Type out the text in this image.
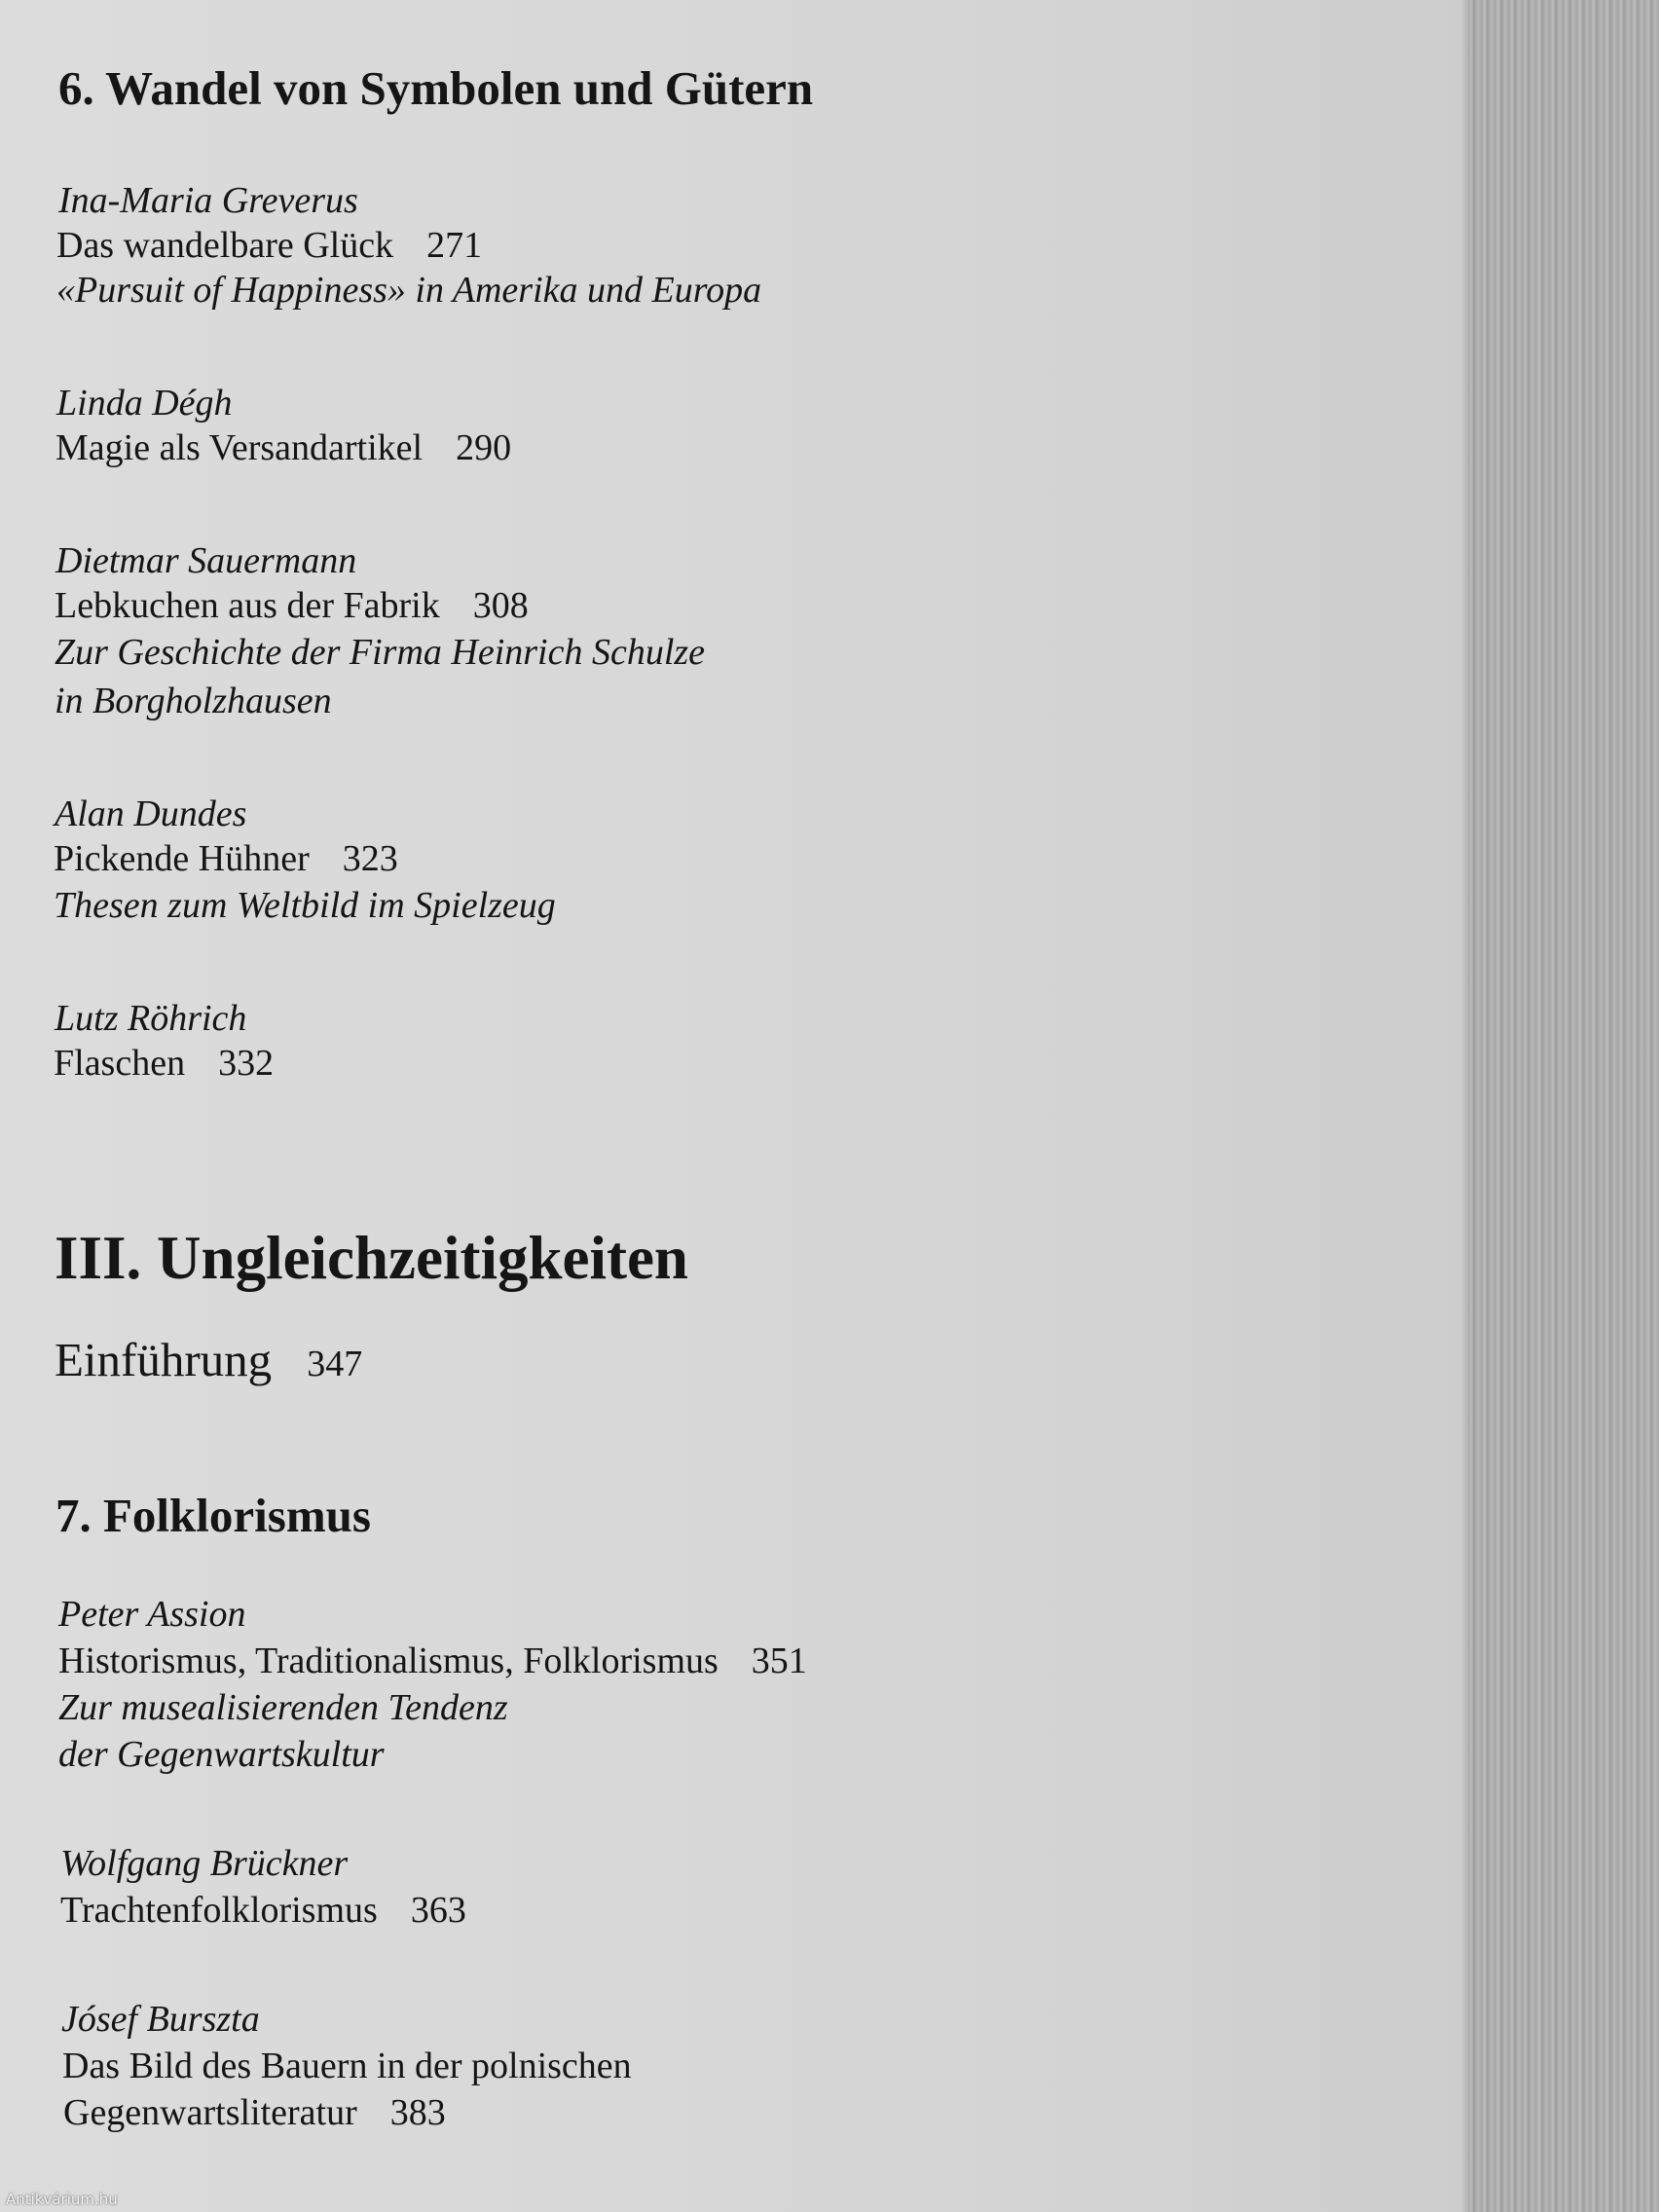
6. Wandel von Symbolen und Gütern
Ina-Maria Greverus
Das wandelbare Glück 271
«Pursuit of Happiness» in Amerika und Europa
Linda Dégh
Magie als Versandartikel 290
Dietmar Sauermann
Lebkuchen aus der Fabrik 308
Zur Geschichte der Firma Heinrich Schulze
in Borgholzhausen
Alan Dundes
Pickende Hühner 323
Thesen zum Weltbild im Spielzeug
Lutz Röhrich
Flaschen 332
III. Ungleichzeitigkeiten
Einführung 347
7. Folklorismus
Peter Assion
Historismus, Traditionalismus, Folklorismus 351
Zur musealisierenden Tendenz
der Gegenwartskultur
Wolfgang Brückner
Trachtenfolklorismus 363
Jósef Burszta
Das Bild des Bauern in der polnischen
Gegenwartsliteratur 383
Antikvárium.hu
